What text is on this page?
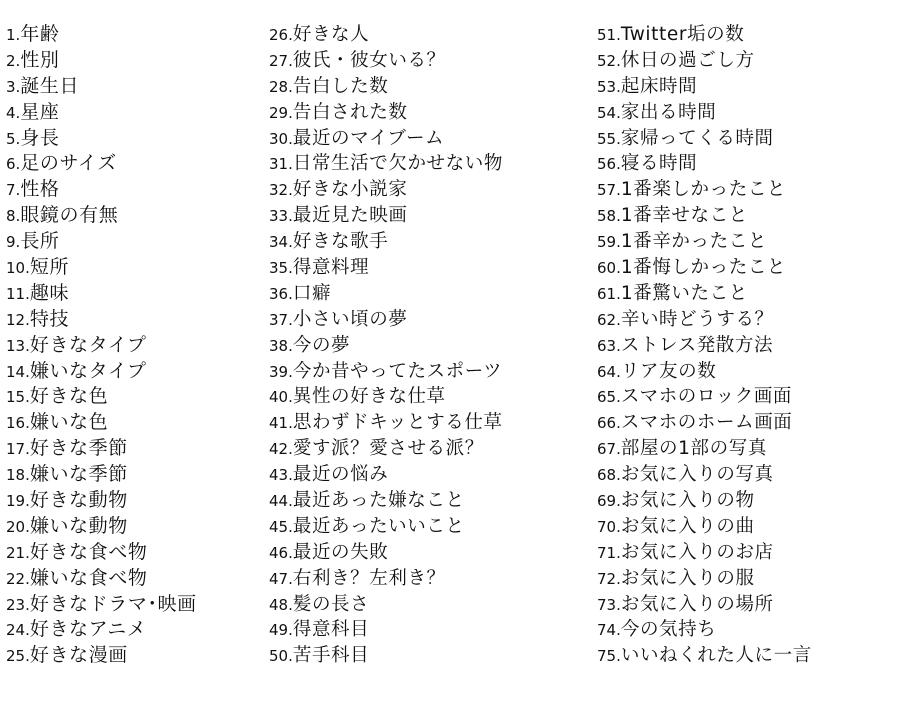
1.年齢
2.性別
3.誕生日
4.星座
5.身長
6.足のサイズ
7.性格
8.眼鏡の有無
9.長所
10.短所
11.趣味
12.特技
13.好きなタイプ
14.嫌いなタイプ
15.好きな色
16.嫌いな色
17.好きな季節
18.嫌いな季節
19.好きな動物
20.嫌いな動物
21.好きな食べ物
22.嫌いな食べ物
23.好きなドラマ･映画
24.好きなアニメ
25.好きな漫画
26.好きな人
27.彼氏・彼女いる？
28.告白した数
29.告白された数
30.最近のマイブーム
31.日常生活で欠かせない物
32.好きな小説家
33.最近見た映画
34.好きな歌手
35.得意料理
36.口癖
37.小さい頃の夢
38.今の夢
39.今か昔やってたスポーツ
40.異性の好きな仕草
41.思わずドキッとする仕草
42.愛す派？愛させる派？
43.最近の悩み
44.最近あった嫌なこと
45.最近あったいいこと
46.最近の失敗
47.右利き？左利き？
48.髪の長さ
49.得意科目
50.苦手科目
51.Twitter垢の数
52.休日の過ごし方
53.起床時間
54.家出る時間
55.家帰ってくる時間
56.寝る時間
57.1番楽しかったこと
58.1番幸せなこと
59.1番辛かったこと
60.1番悔しかったこと
61.1番驚いたこと
62.辛い時どうする？
63.ストレス発散方法
64.リア友の数
65.スマホのロック画面
66.スマホのホーム画面
67.部屋の1部の写真
68.お気に入りの写真
69.お気に入りの物
70.お気に入りの曲
71.お気に入りのお店
72.お気に入りの服
73.お気に入りの場所
74.今の気持ち
75.いいねくれた人に一言
